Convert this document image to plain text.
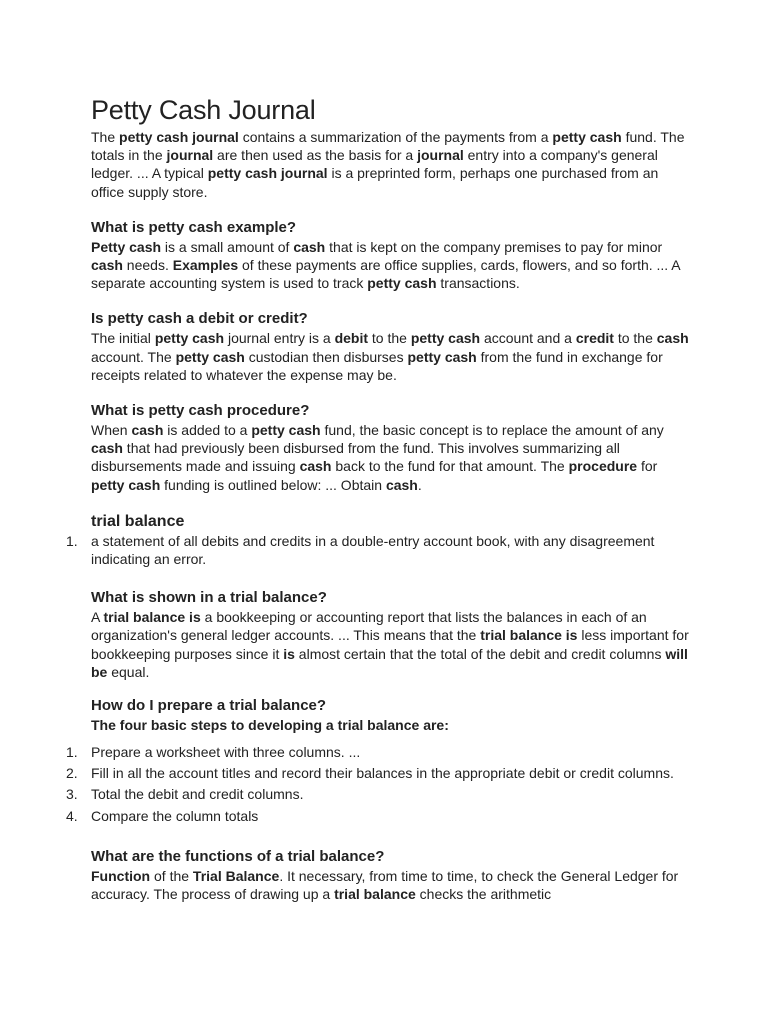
Petty Cash Journal

The petty cash journal contains a summarization of the payments from a petty cash fund. The totals in the journal are then used as the basis for a journal entry into a company's general ledger. ... A typical petty cash journal is a preprinted form, perhaps one purchased from an office supply store.

What is petty cash example?

Petty cash is a small amount of cash that is kept on the company premises to pay for minor cash needs. Examples of these payments are office supplies, cards, flowers, and so forth. ... A separate accounting system is used to track petty cash transactions.

Is petty cash a debit or credit?

The initial petty cash journal entry is a debit to the petty cash account and a credit to the cash account. The petty cash custodian then disburses petty cash from the fund in exchange for receipts related to whatever the expense may be.

What is petty cash procedure?

When cash is added to a petty cash fund, the basic concept is to replace the amount of any cash that had previously been disbursed from the fund. This involves summarizing all disbursements made and issuing cash back to the fund for that amount. The procedure for petty cash funding is outlined below: ... Obtain cash.

trial balance
1. a statement of all debits and credits in a double-entry account book, with any disagreement indicating an error.
What is shown in a trial balance?

A trial balance is a bookkeeping or accounting report that lists the balances in each of an organization's general ledger accounts. ... This means that the trial balance is less important for bookkeeping purposes since it is almost certain that the total of the debit and credit columns will be equal.

How do I prepare a trial balance?

The four basic steps to developing a trial balance are:

1. Prepare a worksheet with three columns. ...
2. Fill in all the account titles and record their balances in the appropriate debit or credit columns.
3. Total the debit and credit columns.
4. Compare the column totals
What are the functions of a trial balance?

Function of the Trial Balance. It necessary, from time to time, to check the General Ledger for accuracy. The process of drawing up a trial balance checks the arithmetic
